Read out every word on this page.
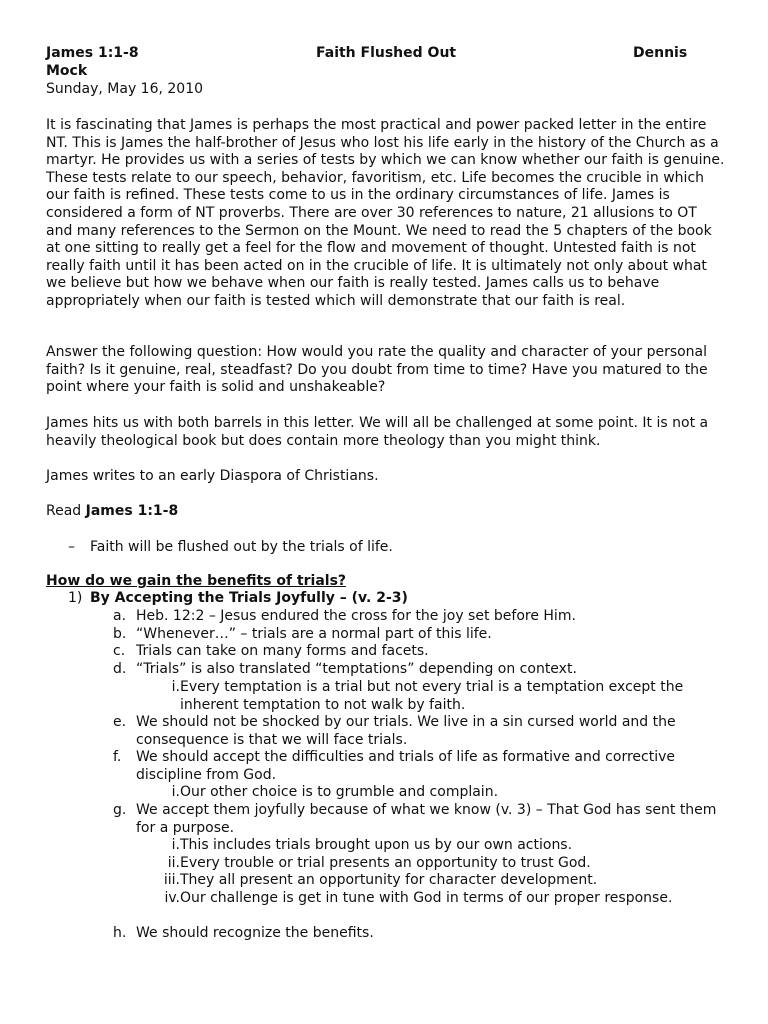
James 1:1-8	Faith Flushed Out	Dennis
Mock
Sunday, May 16, 2010

It is fascinating that James is perhaps the most practical and power packed letter in the entire NT. This is James the half-brother of Jesus who lost his life early in the history of the Church as a martyr. He provides us with a series of tests by which we can know whether our faith is genuine. These tests relate to our speech, behavior, favoritism, etc. Life becomes the crucible in which our faith is refined. These tests come to us in the ordinary circumstances of life. James is considered a form of NT proverbs. There are over 30 references to nature, 21 allusions to OT and many references to the Sermon on the Mount. We need to read the 5 chapters of the book at one sitting to really get a feel for the flow and movement of thought. Untested faith is not really faith until it has been acted on in the crucible of life. It is ultimately not only about what we believe but how we behave when our faith is really tested. James calls us to behave appropriately when our faith is tested which will demonstrate that our faith is real.

Answer the following question: How would you rate the quality and character of your personal faith? Is it genuine, real, steadfast? Do you doubt from time to time? Have you matured to the point where your faith is solid and unshakeable?

James hits us with both barrels in this letter. We will all be challenged at some point. It is not a heavily theological book but does contain more theology than you might think.

James writes to an early Diaspora of Christians.

Read James 1:1-8

– Faith will be flushed out by the trials of life.
How do we gain the benefits of trials?
1) By Accepting the Trials Joyfully – (v. 2-3)
a. Heb. 12:2 – Jesus endured the cross for the joy set before Him.
b. “Whenever…” – trials are a normal part of this life.
c. Trials can take on many forms and facets.
d. “Trials” is also translated “temptations” depending on context.
i. Every temptation is a trial but not every trial is a temptation except the inherent temptation to not walk by faith.
e. We should not be shocked by our trials. We live in a sin cursed world and the consequence is that we will face trials.
f. We should accept the difficulties and trials of life as formative and corrective discipline from God.
i. Our other choice is to grumble and complain.
g. We accept them joyfully because of what we know (v. 3) – That God has sent them for a purpose.
i. This includes trials brought upon us by our own actions.
ii. Every trouble or trial presents an opportunity to trust God.
iii. They all present an opportunity for character development.
iv. Our challenge is get in tune with God in terms of our proper response.
h. We should recognize the benefits.
